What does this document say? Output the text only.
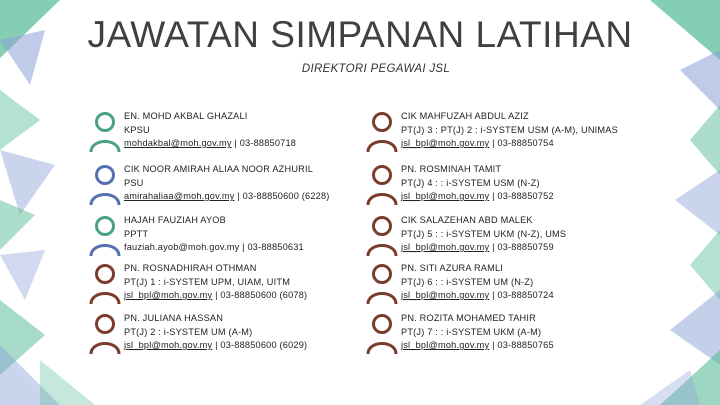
JAWATAN SIMPANAN LATIHAN
DIREKTORI PEGAWAI JSL
EN. MOHD AKBAL GHAZALI
KPSU
mohdakbal@moh.gov.my | 03-88850718
CIK NOOR AMIRAH ALIAA NOOR AZHURIL
PSU
amirahaliaa@moh.gov.my | 03-88850600 (6228)
HAJAH FAUZIAH AYOB
PPTT
fauziah.ayob@moh.gov.my | 03-88850631
PN. ROSNADHIRAH OTHMAN
PT(J) 1 : i-SYSTEM UPM, UIAM, UITM
jsl_bpl@moh.gov.my | 03-88850600 (6078)
PN. JULIANA HASSAN
PT(J) 2 : i-SYSTEM UM (A-M)
jsl_bpl@moh.gov.my | 03-88850600 (6029)
CIK MAHFUZAH ABDUL AZIZ
PT(J) 3 : PT(J) 2 : i-SYSTEM USM (A-M), UNIMAS
jsl_bpl@moh.gov.my | 03-88850754
PN. ROSMINAH TAMIT
PT(J) 4 : : i-SYSTEM USM (N-Z)
jsl_bpl@moh.gov.my | 03-88850752
CIK SALAZEHAN ABD MALEK
PT(J) 5 : : i-SYSTEM UKM (N-Z), UMS
jsl_bpl@moh.gov.my | 03-88850759
PN. SITI AZURA RAMLI
PT(J) 6 : : i-SYSTEM UM (N-Z)
jsl_bpl@moh.gov.my | 03-88850724
PN. ROZITA MOHAMED TAHIR
PT(J) 7 : : i-SYSTEM UKM (A-M)
jsl_bpl@moh.gov.my | 03-88850765
